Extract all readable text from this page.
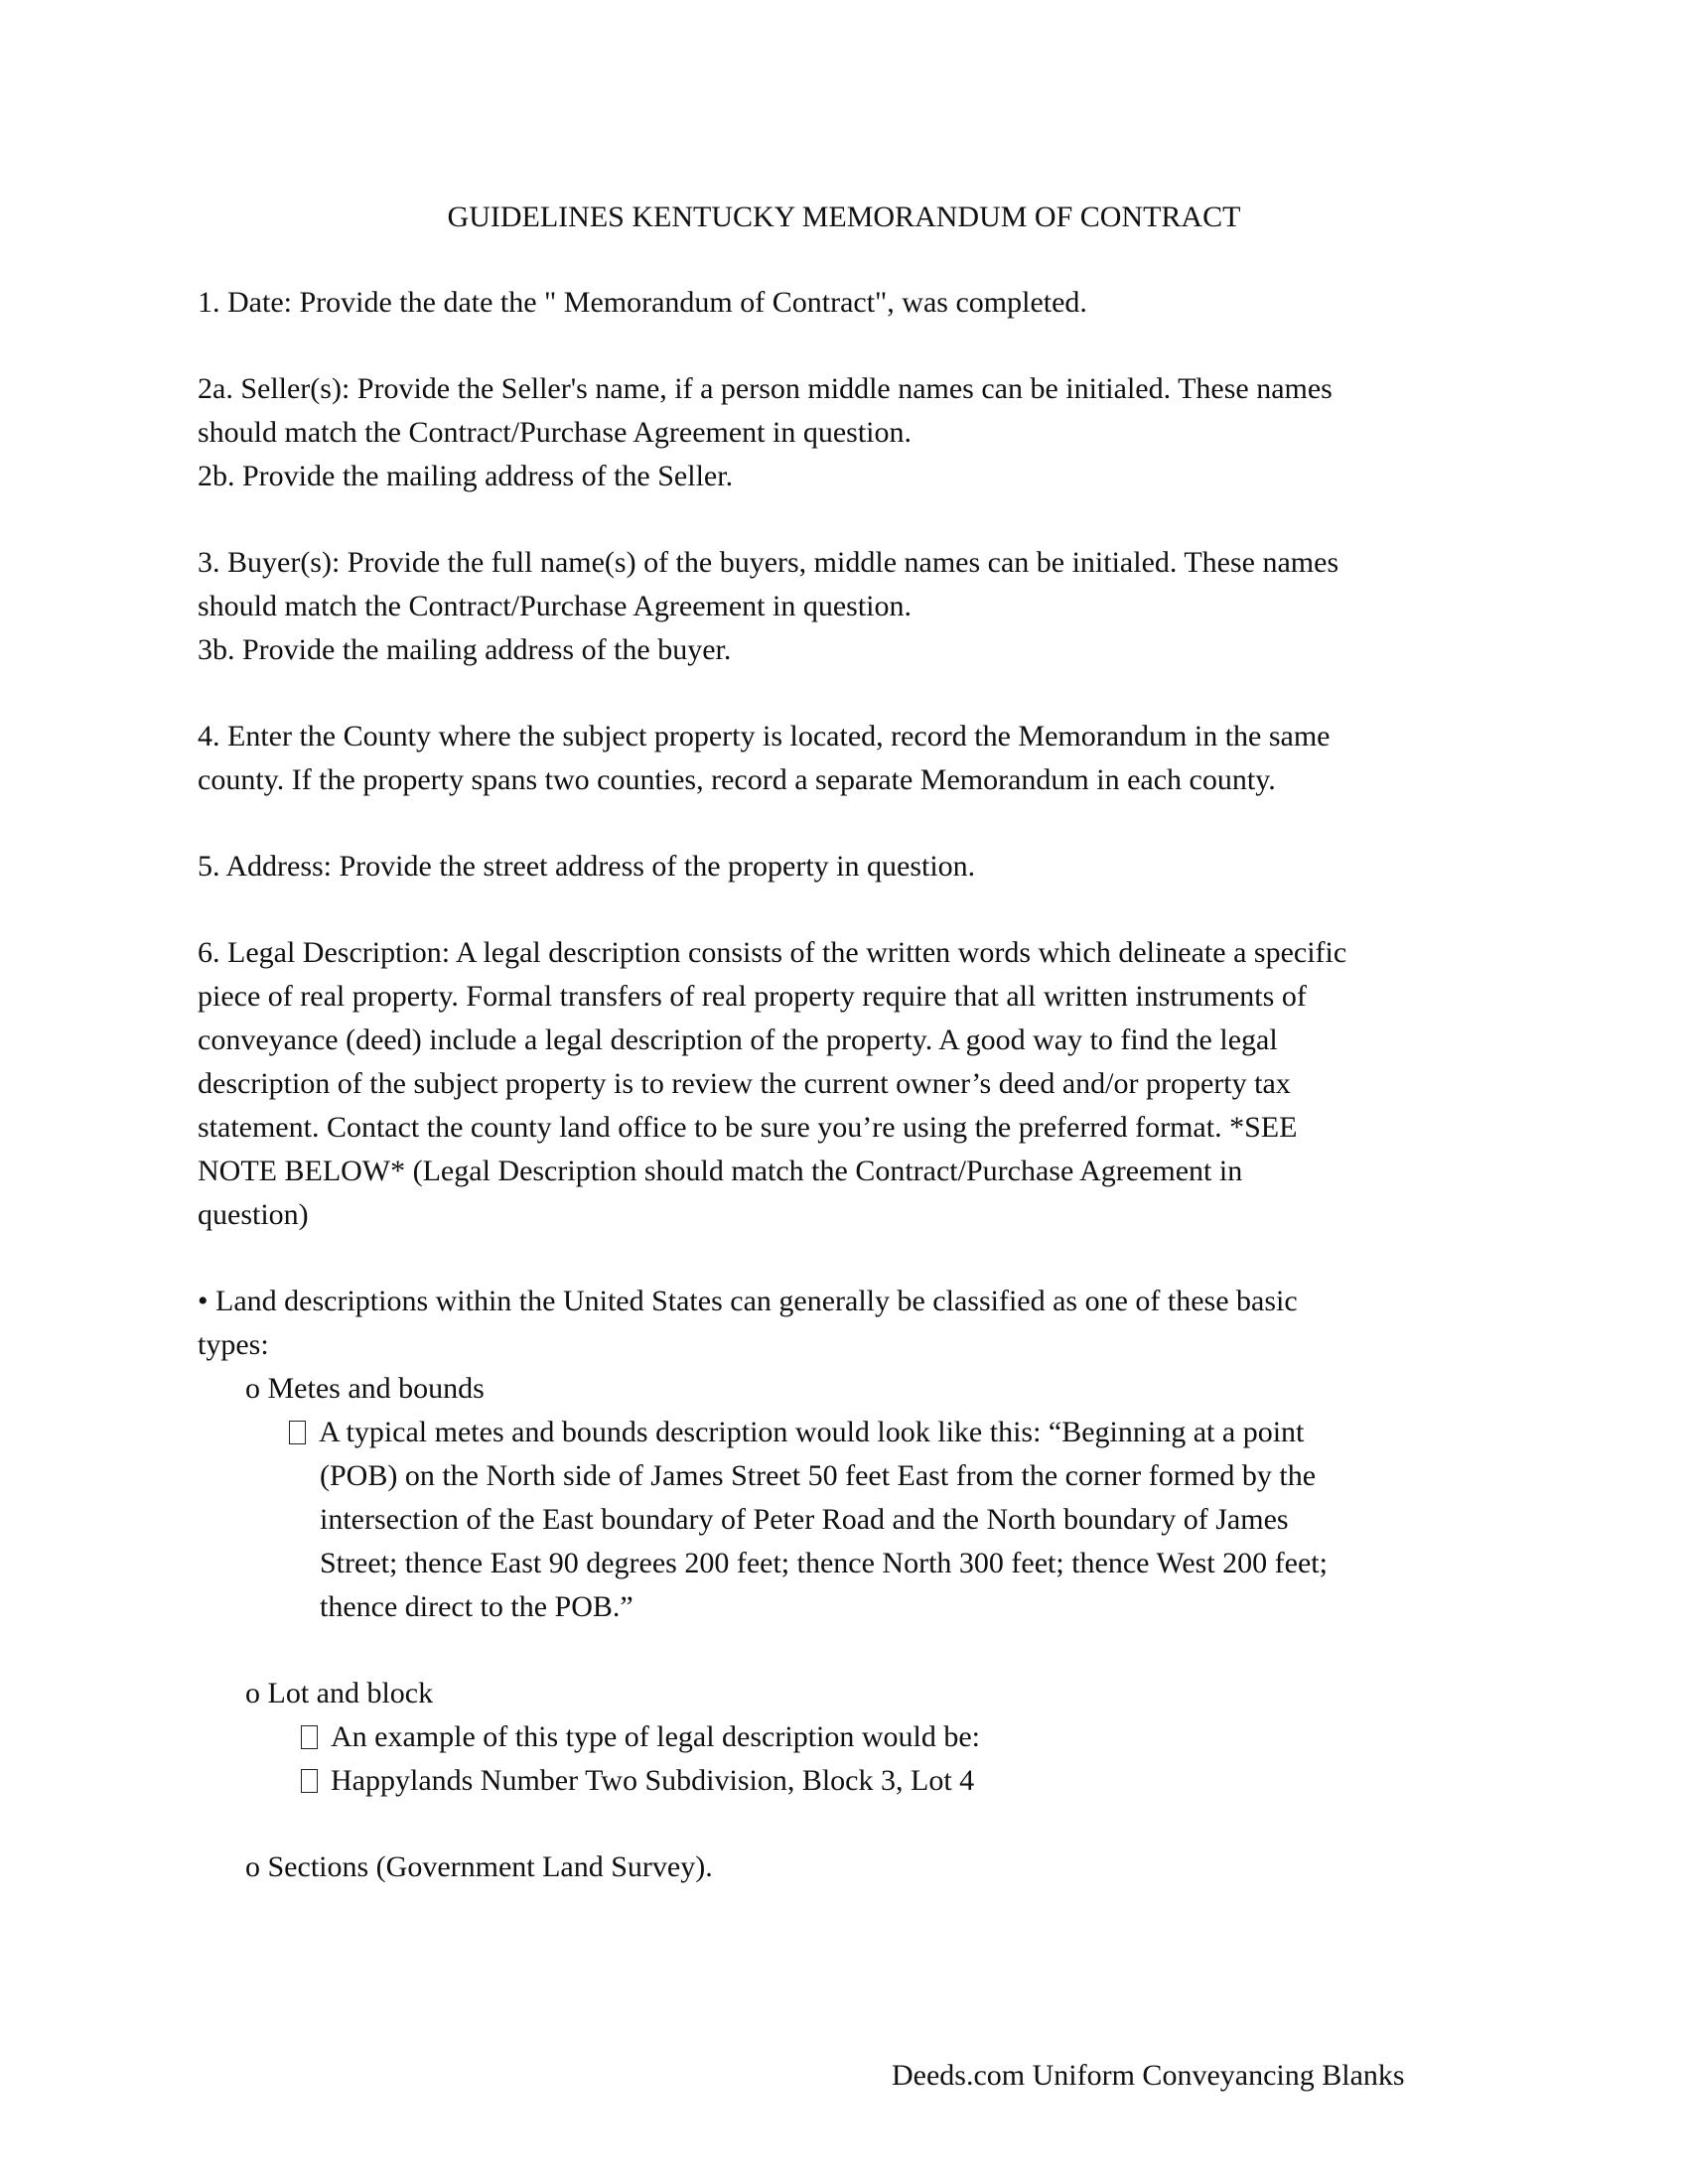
GUIDELINES KENTUCKY MEMORANDUM OF CONTRACT
1. Date: Provide the date the " Memorandum of Contract", was completed.
2a. Seller(s): Provide the Seller's name, if a person middle names can be initialed. These names
should match the Contract/Purchase Agreement in question.
2b. Provide the mailing address of the Seller.
3. Buyer(s): Provide the full name(s) of the buyers, middle names can be initialed. These names
should match the Contract/Purchase Agreement in question.
3b. Provide the mailing address of the buyer.
4. Enter the County where the subject property is located, record the Memorandum in the same
county. If the property spans two counties, record a separate Memorandum in each county.
5. Address: Provide the street address of the property in question.
6. Legal Description: A legal description consists of the written words which delineate a specific
piece of real property. Formal transfers of real property require that all written instruments of
conveyance (deed) include a legal description of the property. A good way to find the legal
description of the subject property is to review the current owner’s deed and/or property tax
statement. Contact the county land office to be sure you’re using the preferred format. *SEE
NOTE BELOW* (Legal Description should match the Contract/Purchase Agreement in
question)
• Land descriptions within the United States can generally be classified as one of these basic
types:
o Metes and bounds
A typical metes and bounds description would look like this: “Beginning at a point
(POB) on the North side of James Street 50 feet East from the corner formed by the
intersection of the East boundary of Peter Road and the North boundary of James
Street; thence East 90 degrees 200 feet; thence North 300 feet; thence West 200 feet;
thence direct to the POB.”
o Lot and block
An example of this type of legal description would be:
Happylands Number Two Subdivision, Block 3, Lot 4
o Sections (Government Land Survey).
Deeds.com Uniform Conveyancing Blanks
